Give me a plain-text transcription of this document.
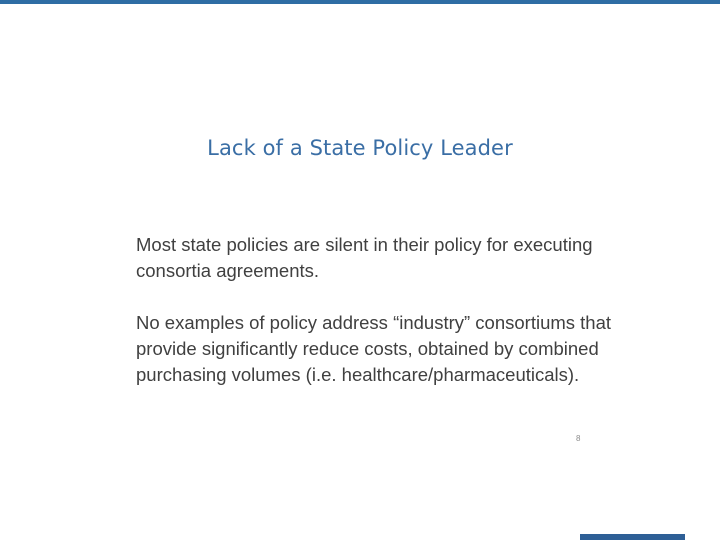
Lack of a State Policy Leader

Most state policies are silent in their policy for executing consortia agreements.

No examples of policy address “industry” consortiums that provide significantly reduce costs, obtained by combined purchasing volumes (i.e. healthcare/pharmaceuticals).

8
